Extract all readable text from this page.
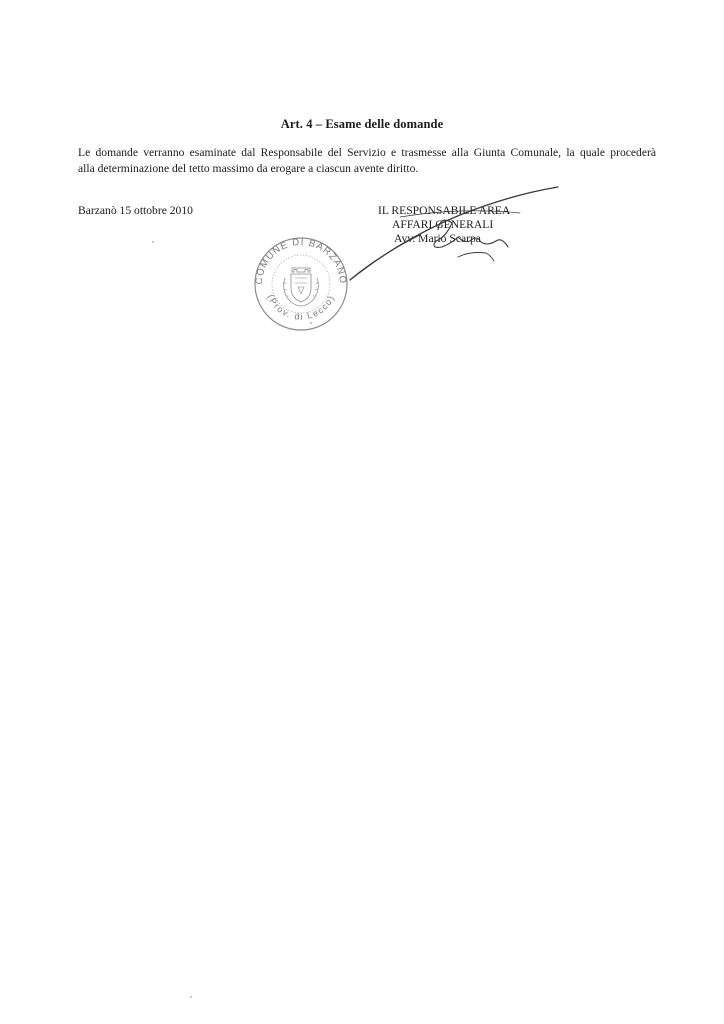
Art. 4 – Esame delle domande

Le domande verranno esaminate dal Responsabile del Servizio e trasmesse alla Giunta Comunale, la quale procederà
alla determinazione del tetto massimo da erogare a ciascun avente diritto.

Barzanò 15 ottobre 2010	IL RESPONSABILE AREA
AFFARI GENERALI
Avv. Mario Scarpa
COMUNE DI BARZANO
(Prov. di Lecco)
